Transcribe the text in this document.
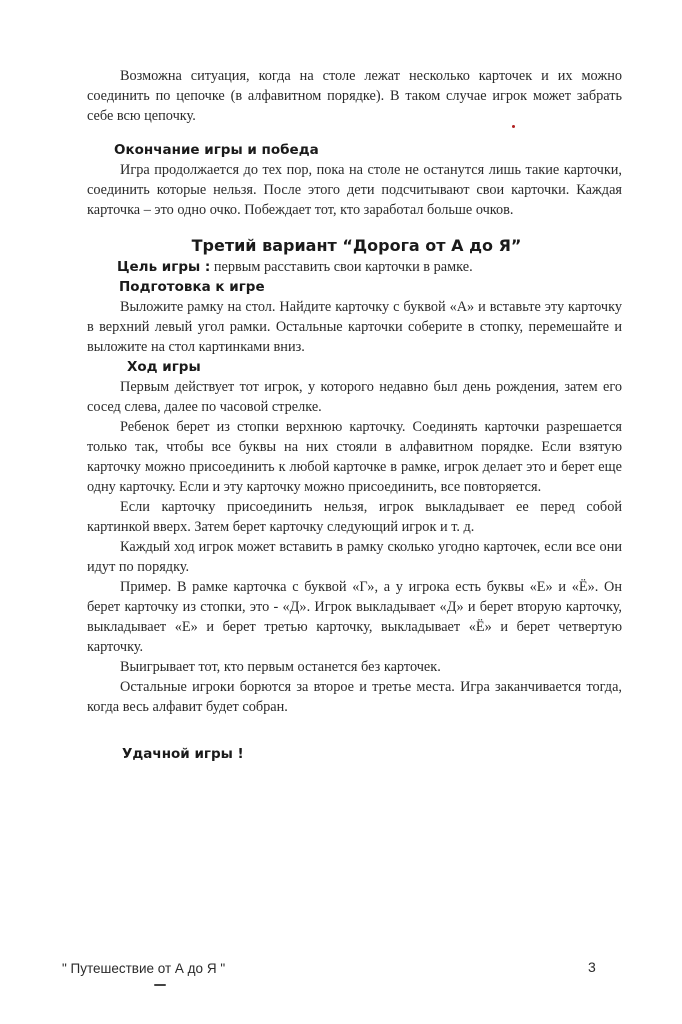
Возможна ситуация, когда на столе лежат несколько карточек и их можно соединить по цепочке (в алфавитном порядке). В таком случае игрок может забрать себе всю цепочку.

Окончание игры и победа

Игра продолжается до тех пор, пока на столе не останутся лишь такие карточки, соединить которые нельзя. После этого дети подсчитывают свои карточки. Каждая карточка – это одно очко. Побеждает тот, кто заработал больше очков.

Третий вариант “Дорога от А до Я”
Цель игры : первым расставить свои карточки в рамке.
Подготовка к игре

Выложите рамку на стол. Найдите карточку с буквой «А» и вставьте эту карточку в верхний левый угол рамки. Остальные карточки соберите в стопку, перемешайте и выложите на стол картинками вниз.

Ход игры

Первым действует тот игрок, у которого недавно был день рождения, затем его сосед слева, далее по часовой стрелке.

Ребенок берет из стопки верхнюю карточку. Соединять карточки разрешается только так, чтобы все буквы на них стояли в алфавитном порядке. Если взятую карточку можно присоединить к любой карточке в рамке, игрок делает это и берет еще одну карточку. Если и эту карточку можно присоединить, все повторяется.

Если карточку присоединить нельзя, игрок выкладывает ее перед собой картинкой вверх. Затем берет карточку следующий игрок и т. д.

Каждый ход игрок может вставить в рамку сколько угодно карточек, если все они идут по порядку.

Пример. В рамке карточка с буквой «Г», а у игрока есть буквы «Е» и «Ё». Он берет карточку из стопки, это - «Д». Игрок выкладывает «Д» и берет вторую карточку, выкладывает «Е» и берет третью карточку, выкладывает «Ё» и берет четвертую карточку.

Выигрывает тот, кто первым останется без карточек.

Остальные игроки борются за второе и третье места. Игра заканчивается тогда, когда весь алфавит будет собран.

Удачной игры !
" Путешествие от А до Я "	3
